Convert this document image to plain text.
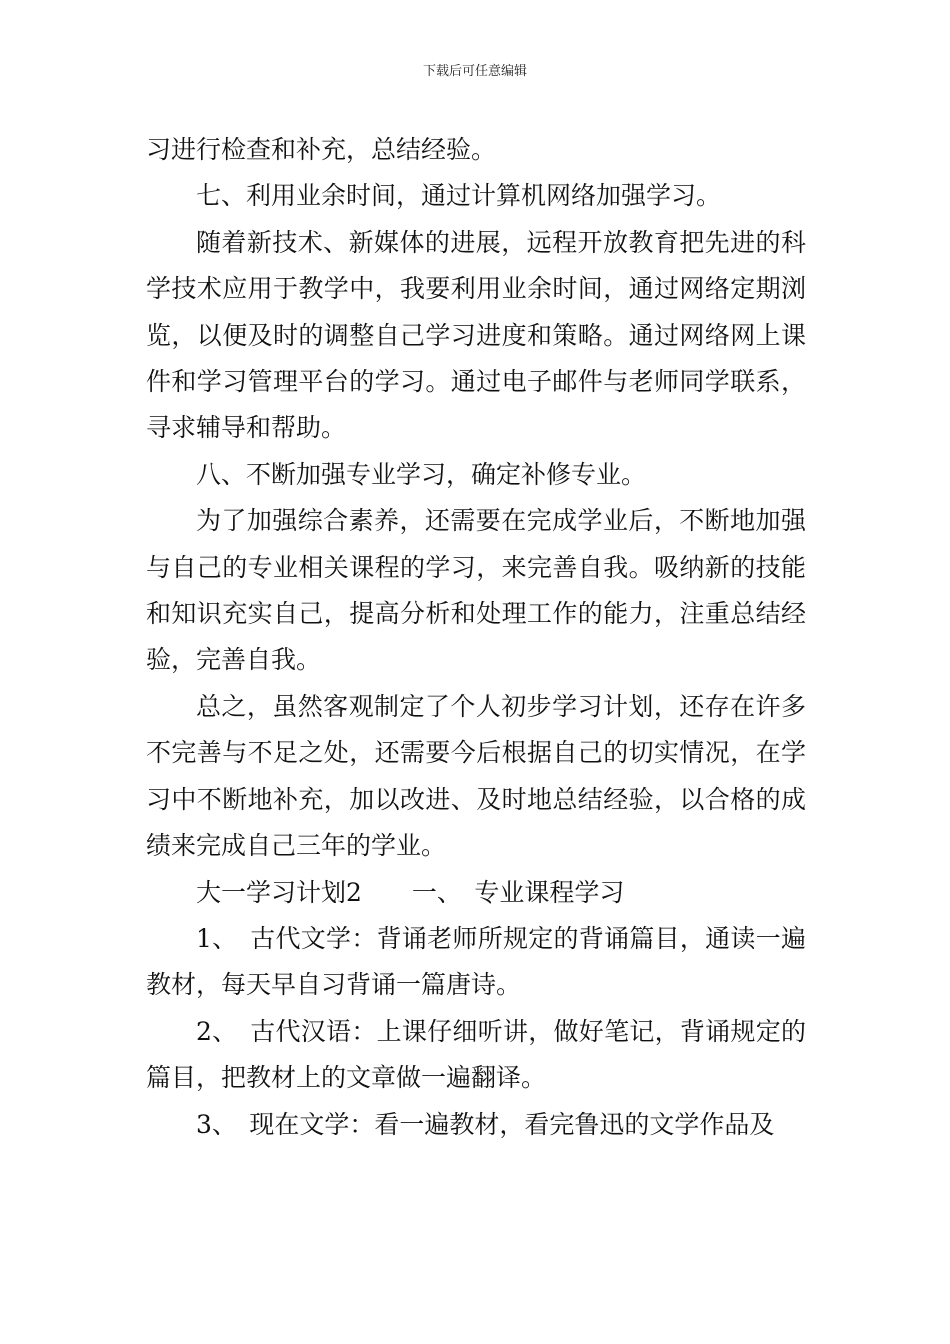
下载后可任意编辑

习进行检查和补充，总结经验。

七、利用业余时间，通过计算机网络加强学习。

随着新技术、新媒体的进展，远程开放教育把先进的科学技术应用于教学中，我要利用业余时间，通过网络定期浏览，以便及时的调整自己学习进度和策略。通过网络网上课件和学习管理平台的学习。通过电子邮件与老师同学联系，寻求辅导和帮助。

八、不断加强专业学习，确定补修专业。

为了加强综合素养，还需要在完成学业后，不断地加强与自己的专业相关课程的学习，来完善自我。吸纳新的技能和知识充实自己，提高分析和处理工作的能力，注重总结经验，完善自我。

总之，虽然客观制定了个人初步学习计划，还存在许多不完善与不足之处，还需要今后根据自己的切实情况，在学习中不断地补充，加以改进、及时地总结经验，以合格的成绩来完成自己三年的学业。

大一学习计划2　　一、　专业课程学习

1、　古代文学：背诵老师所规定的背诵篇目，通读一遍教材，每天早自习背诵一篇唐诗。

2、　古代汉语：上课仔细听讲，做好笔记，背诵规定的篇目，把教材上的文章做一遍翻译。

3、　现在文学：看一遍教材，看完鲁迅的文学作品及
